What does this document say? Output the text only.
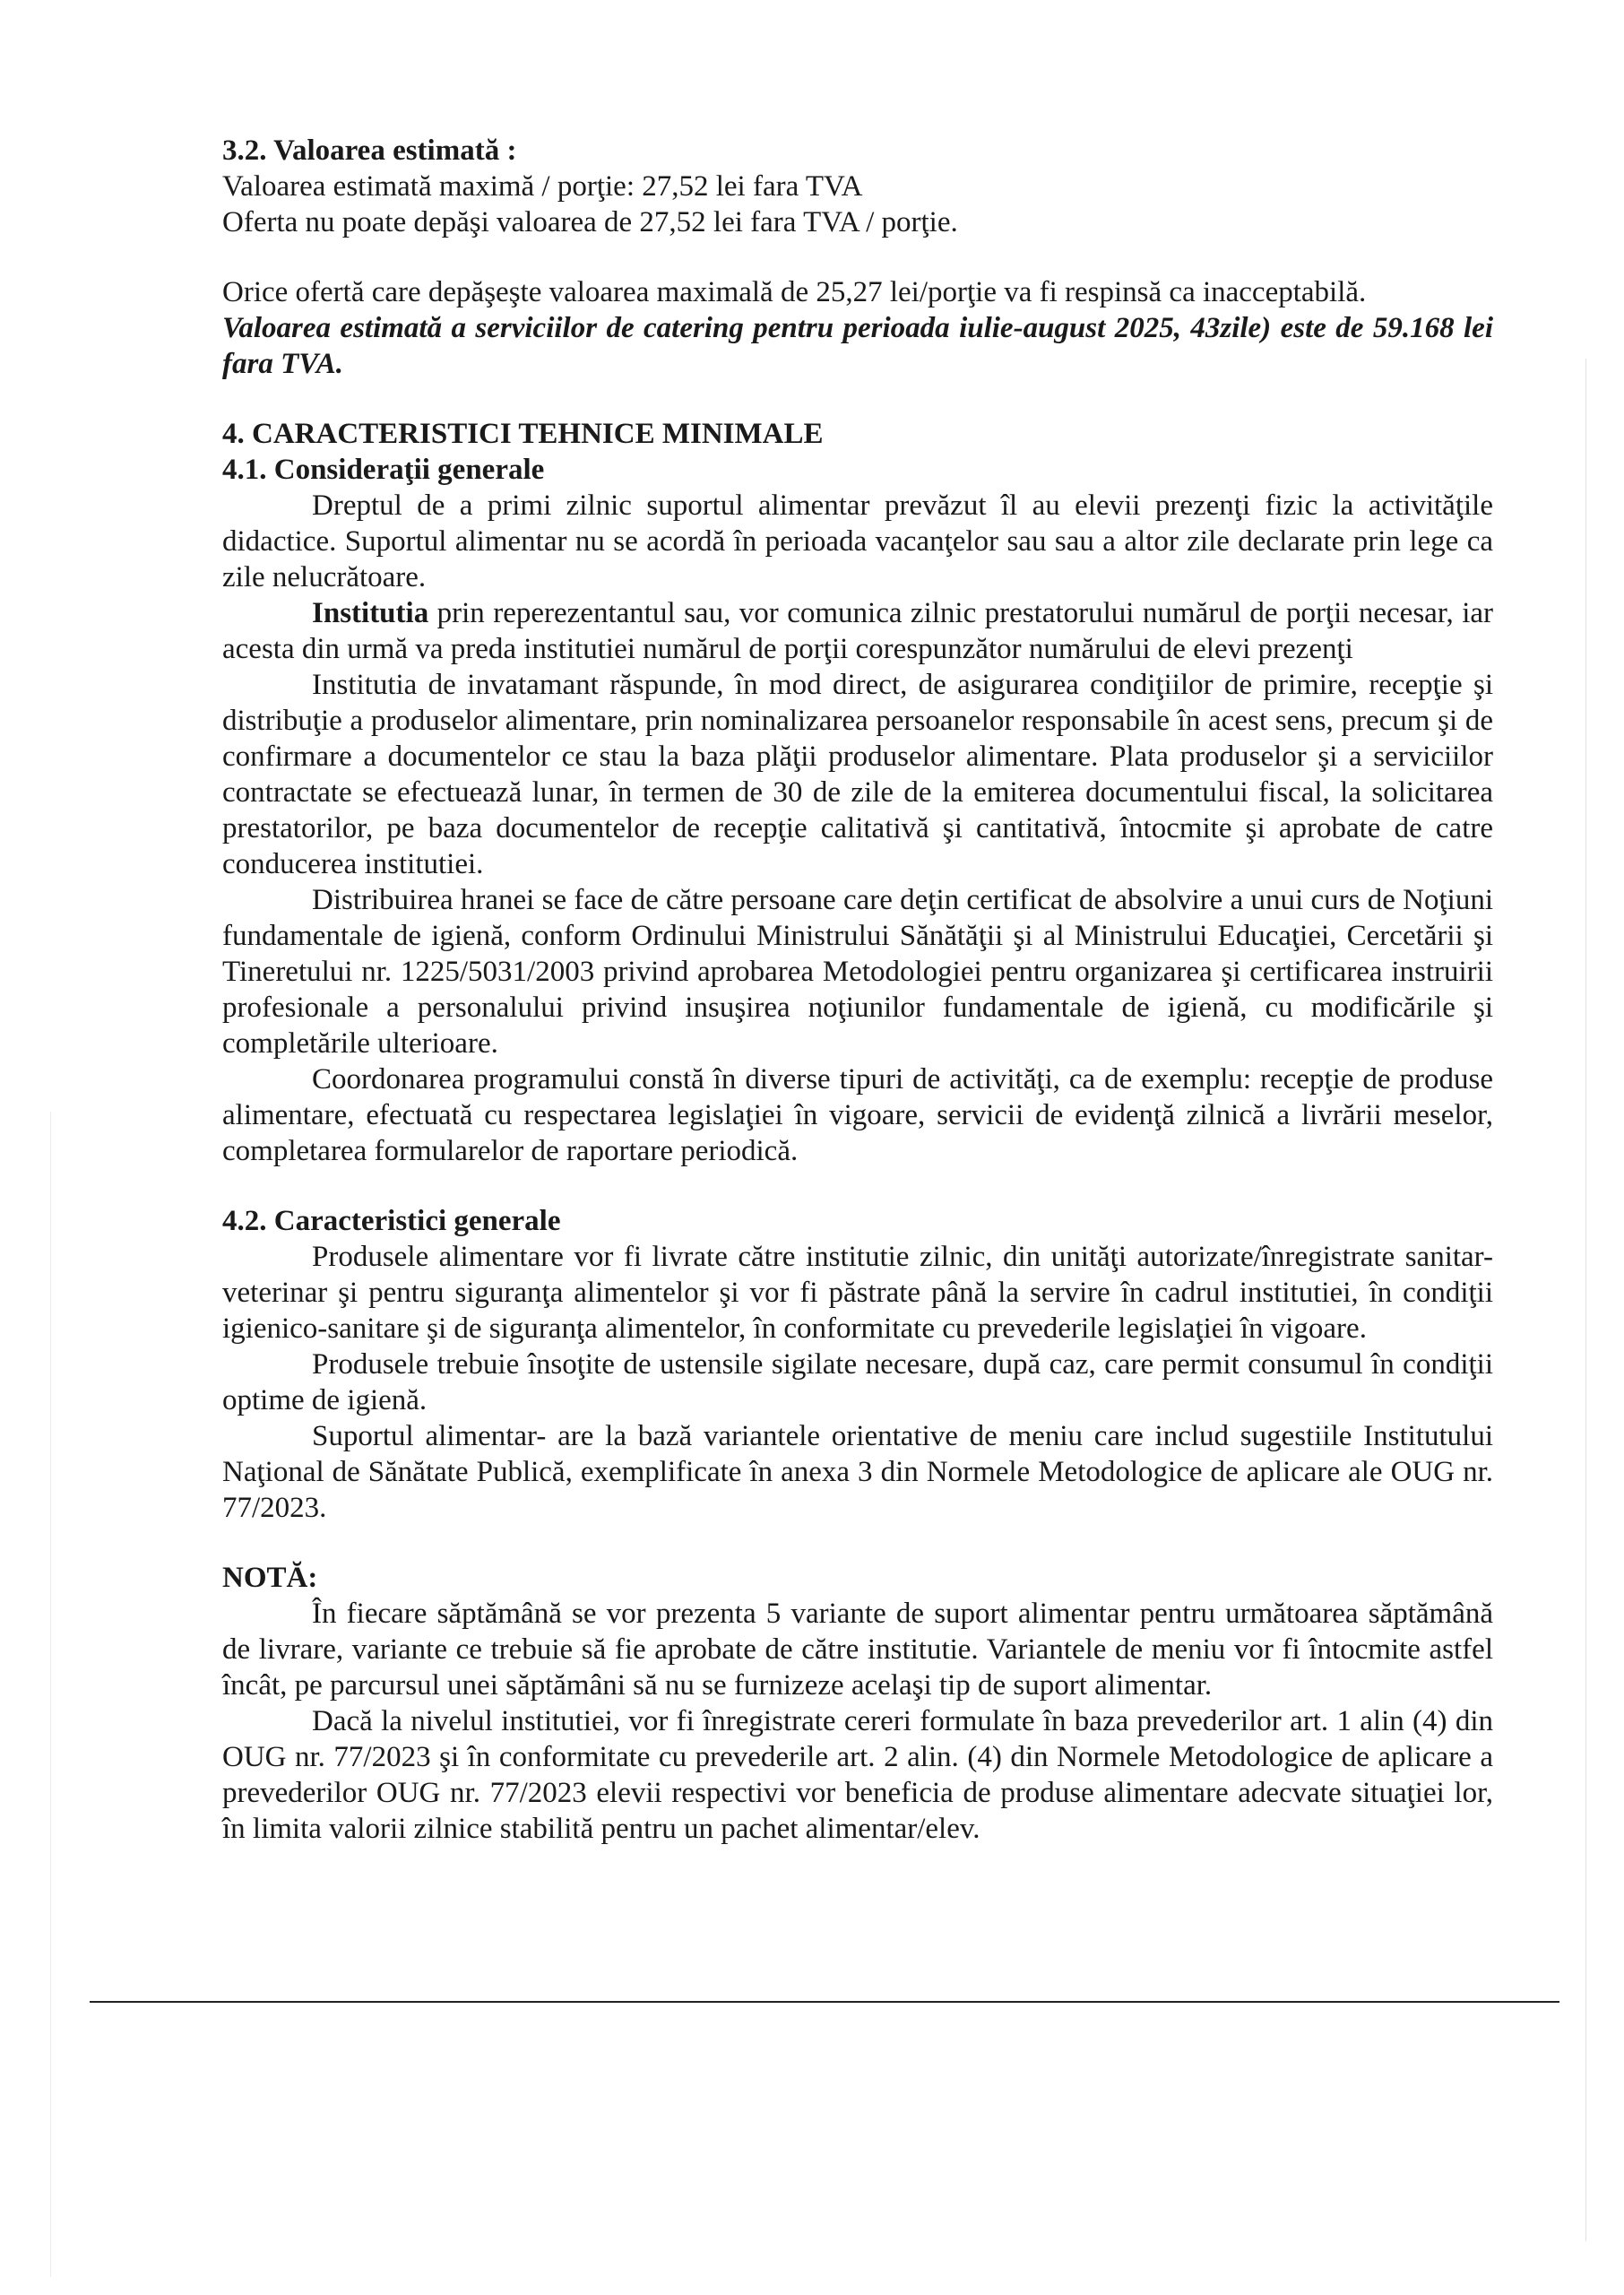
3.2. Valoarea estimată :

Valoarea estimată maximă / porţie: 27,52 lei fara TVA

Oferta nu poate depăşi valoarea de 27,52 lei fara TVA / porţie.

Orice ofertă care depăşeşte valoarea maximală de 25,27 lei/porţie va fi respinsă ca inacceptabilă.

Valoarea estimată a serviciilor de catering pentru perioada iulie-august 2025, 43zile) este de 59.168 lei fara TVA.

4. CARACTERISTICI TEHNICE MINIMALE

4.1. Consideraţii generale

Dreptul de a primi zilnic suportul alimentar prevăzut îl au elevii prezenţi fizic la activităţile didactice. Suportul alimentar nu se acordă în perioada vacanţelor sau sau a altor zile declarate prin lege ca zile nelucrătoare.

Institutia prin reperezentantul sau, vor comunica zilnic prestatorului numărul de porţii necesar, iar acesta din urmă va preda institutiei numărul de porţii corespunzător numărului de elevi prezenţi

Institutia de invatamant răspunde, în mod direct, de asigurarea condiţiilor de primire, recepţie şi distribuţie a produselor alimentare, prin nominalizarea persoanelor responsabile în acest sens, precum şi de confirmare a documentelor ce stau la baza plăţii produselor alimentare. Plata produselor şi a serviciilor contractate se efectuează lunar, în termen de 30 de zile de la emiterea documentului fiscal, la solicitarea prestatorilor, pe baza documentelor de recepţie calitativă şi cantitativă, întocmite şi aprobate de catre conducerea institutiei.

Distribuirea hranei se face de către persoane care deţin certificat de absolvire a unui curs de Noţiuni fundamentale de igienă, conform Ordinului Ministrului Sănătăţii şi al Ministrului Educaţiei, Cercetării şi Tineretului nr. 1225/5031/2003 privind aprobarea Metodologiei pentru organizarea şi certificarea instruirii profesionale a personalului privind insuşirea noţiunilor fundamentale de igienă, cu modificările şi completările ulterioare.

Coordonarea programului constă în diverse tipuri de activităţi, ca de exemplu: recepţie de produse alimentare, efectuată cu respectarea legislaţiei în vigoare, servicii de evidenţă zilnică a livrării meselor, completarea formularelor de raportare periodică.

4.2. Caracteristici generale

Produsele alimentare vor fi livrate către institutie zilnic, din unităţi autorizate/înregistrate sanitar-veterinar şi pentru siguranţa alimentelor şi vor fi păstrate până la servire în cadrul institutiei, în condiţii igienico-sanitare şi de siguranţa alimentelor, în conformitate cu prevederile legislaţiei în vigoare.

Produsele trebuie însoţite de ustensile sigilate necesare, după caz, care permit consumul în condiţii optime de igienă.

Suportul alimentar- are la bază variantele orientative de meniu care includ sugestiile Institutului Naţional de Sănătate Publică, exemplificate în anexa 3 din Normele Metodologice de aplicare ale OUG nr. 77/2023.

NOTĂ:

În fiecare săptămână se vor prezenta 5 variante de suport alimentar pentru următoarea săptămână de livrare, variante ce trebuie să fie aprobate de către institutie. Variantele de meniu vor fi întocmite astfel încât, pe parcursul unei săptămâni să nu se furnizeze acelaşi tip de suport alimentar.

Dacă la nivelul institutiei, vor fi înregistrate cereri formulate în baza prevederilor art. 1 alin (4) din OUG nr. 77/2023 şi în conformitate cu prevederile art. 2 alin. (4) din Normele Metodologice de aplicare a prevederilor OUG nr. 77/2023 elevii respectivi vor beneficia de produse alimentare adecvate situaţiei lor, în limita valorii zilnice stabilită pentru un pachet alimentar/elev.
